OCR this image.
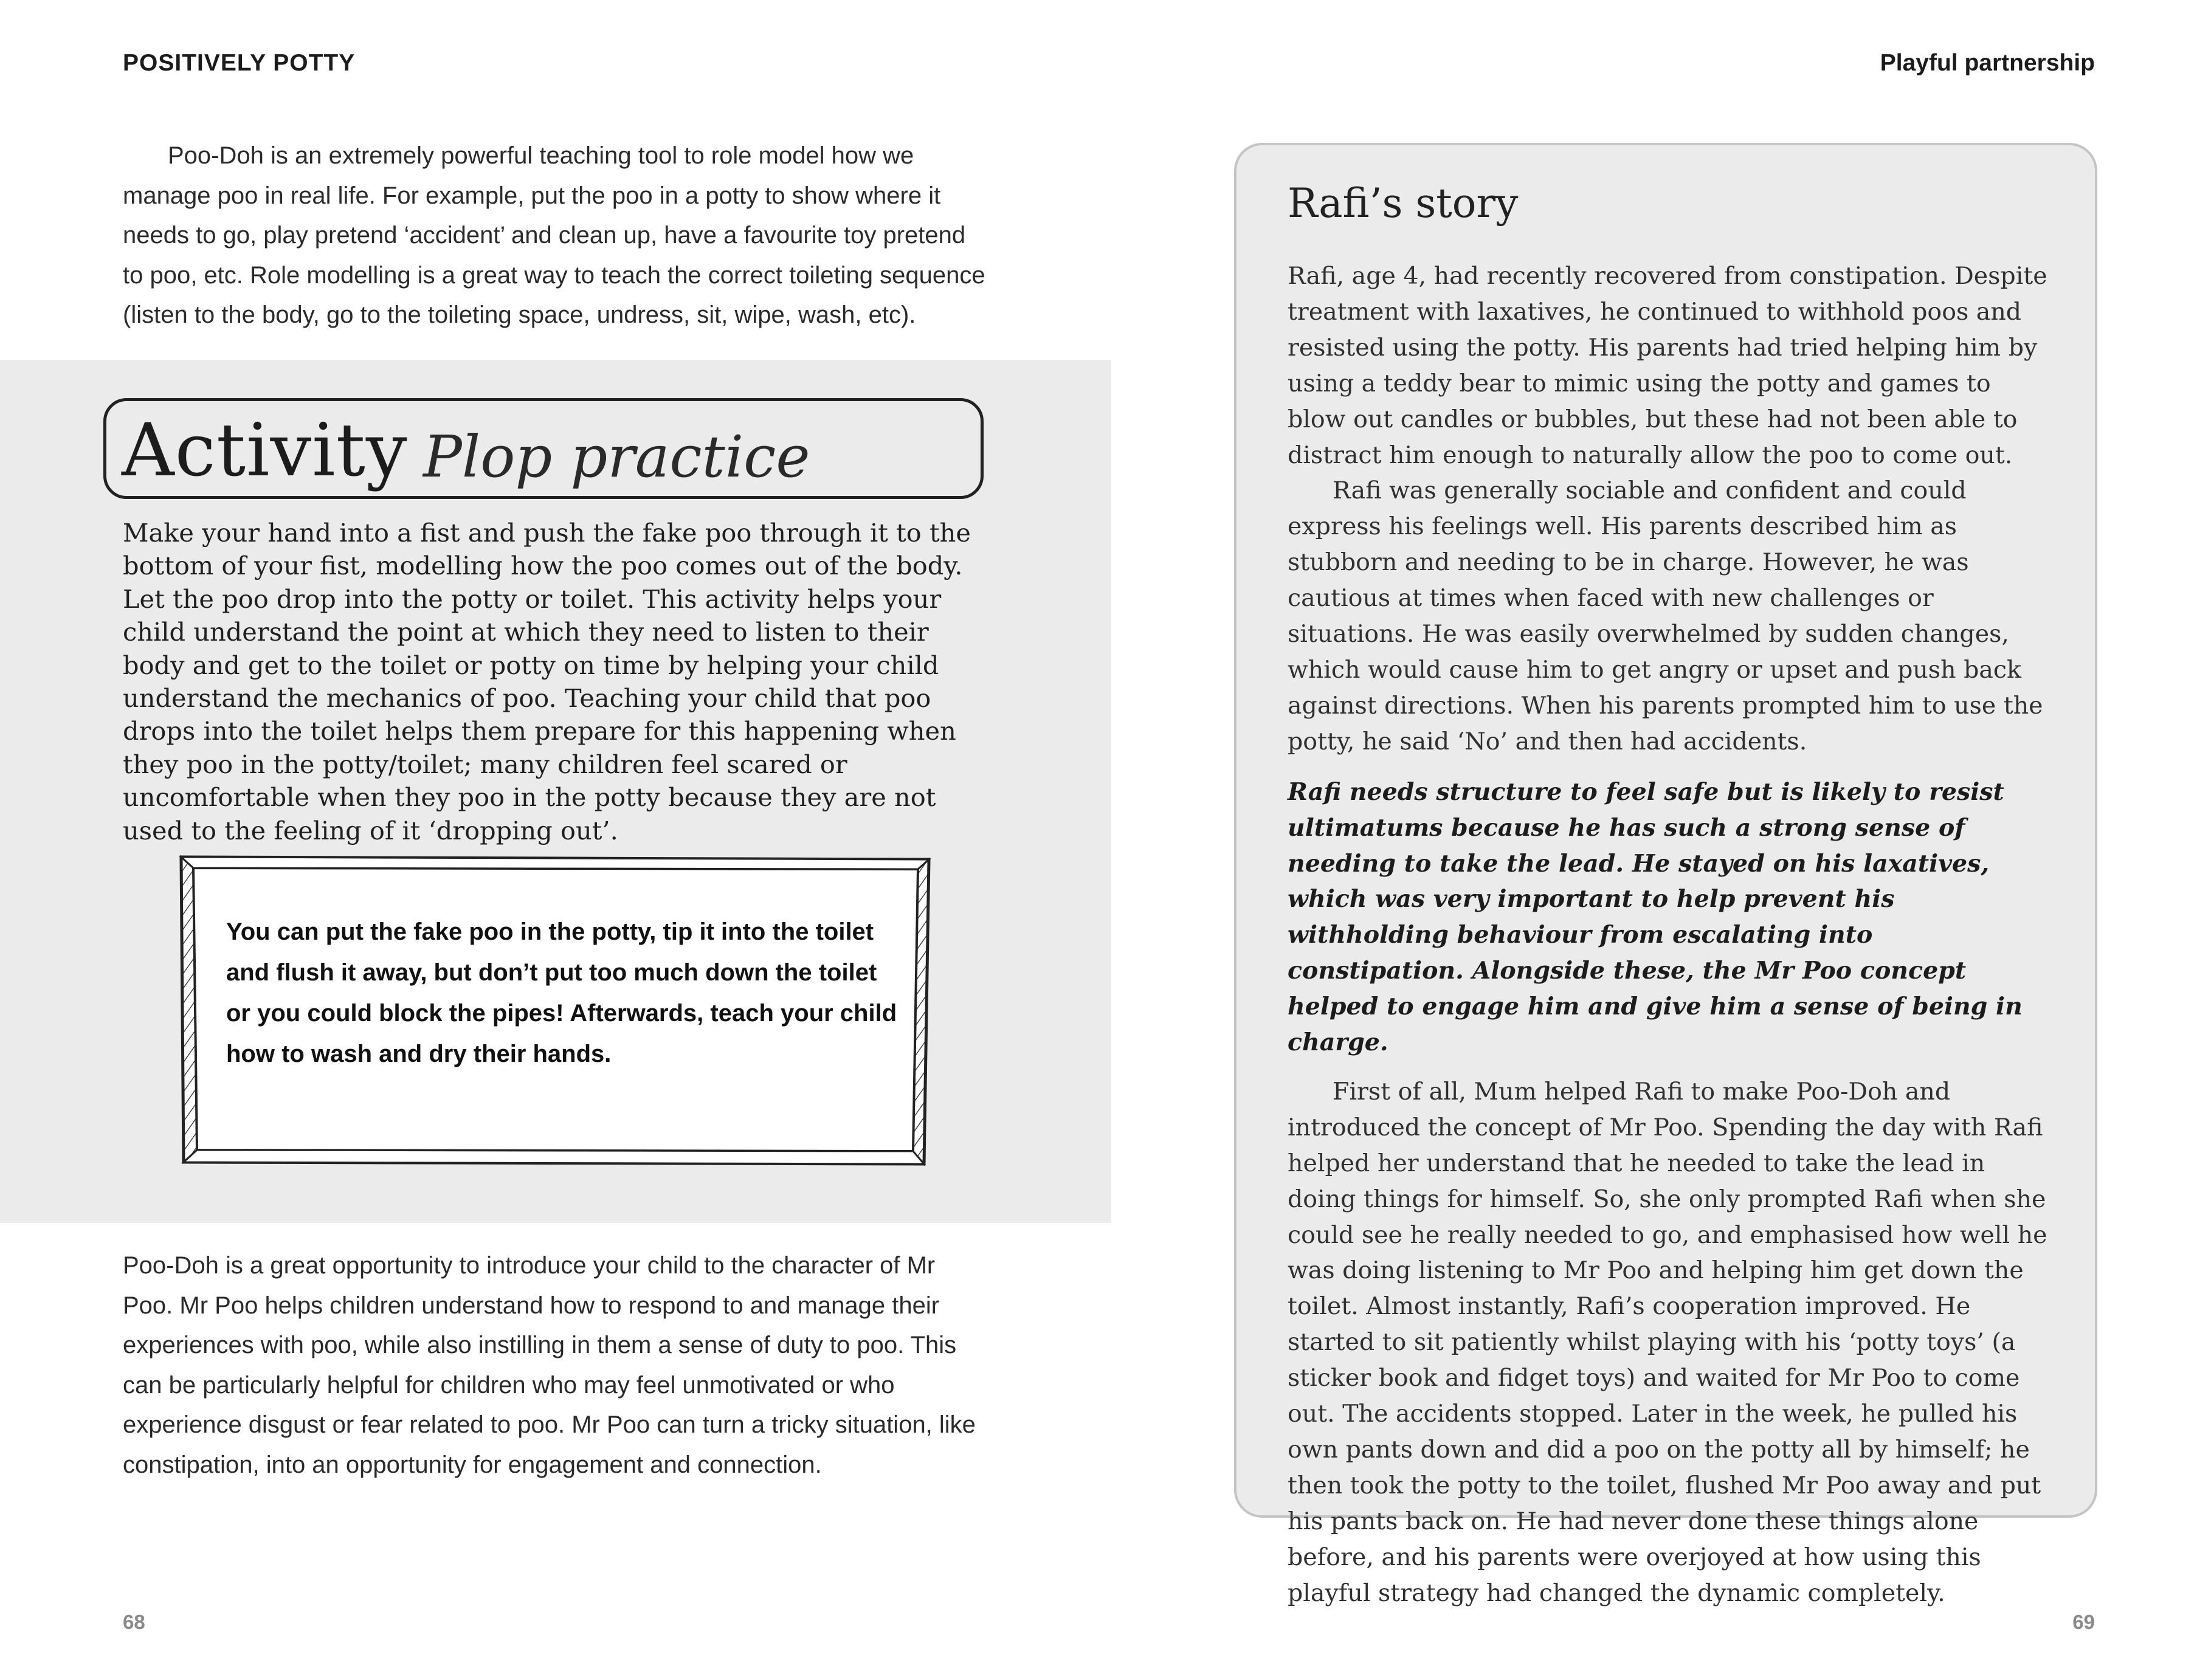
POSITIVELY POTTY	Playful partnership

Poo-Doh is an extremely powerful teaching tool to role model how we manage poo in real life. For example, put the poo in a potty to show where it needs to go, play pretend ‘accident’ and clean up, have a favourite toy pretend to poo, etc. Role modelling is a great way to teach the correct toileting sequence (listen to the body, go to the toileting space, undress, sit, wipe, wash, etc).

Activity Plop practice

Make your hand into a fist and push the fake poo through it to the bottom of your fist, modelling how the poo comes out of the body. Let the poo drop into the potty or toilet. This activity helps your child understand the point at which they need to listen to their body and get to the toilet or potty on time by helping your child understand the mechanics of poo. Teaching your child that poo drops into the toilet helps them prepare for this happening when they poo in the potty/toilet; many children feel scared or uncomfortable when they poo in the potty because they are not used to the feeling of it ‘dropping out’.

You can put the fake poo in the potty, tip it into the toilet and flush it away, but don’t put too much down the toilet or you could block the pipes! Afterwards, teach your child how to wash and dry their hands.

Poo-Doh is a great opportunity to introduce your child to the character of Mr Poo. Mr Poo helps children understand how to respond to and manage their experiences with poo, while also instilling in them a sense of duty to poo. This can be particularly helpful for children who may feel unmotivated or who experience disgust or fear related to poo. Mr Poo can turn a tricky situation, like constipation, into an opportunity for engagement and connection.

68	69
Rafi’s story

Rafi, age 4, had recently recovered from constipation. Despite treatment with laxatives, he continued to withhold poos and resisted using the potty. His parents had tried helping him by using a teddy bear to mimic using the potty and games to blow out candles or bubbles, but these had not been able to distract him enough to naturally allow the poo to come out.

Rafi was generally sociable and confident and could express his feelings well. His parents described him as stubborn and needing to be in charge. However, he was cautious at times when faced with new challenges or situations. He was easily overwhelmed by sudden changes, which would cause him to get angry or upset and push back against directions. When his parents prompted him to use the potty, he said ‘No’ and then had accidents.

Rafi needs structure to feel safe but is likely to resist ultimatums because he has such a strong sense of needing to take the lead. He stayed on his laxatives, which was very important to help prevent his withholding behaviour from escalating into constipation. Alongside these, the Mr Poo concept helped to engage him and give him a sense of being in charge.

First of all, Mum helped Rafi to make Poo-Doh and introduced the concept of Mr Poo. Spending the day with Rafi helped her understand that he needed to take the lead in doing things for himself. So, she only prompted Rafi when she could see he really needed to go, and emphasised how well he was doing listening to Mr Poo and helping him get down the toilet. Almost instantly, Rafi’s cooperation improved. He started to sit patiently whilst playing with his ‘potty toys’ (a sticker book and fidget toys) and waited for Mr Poo to come out. The accidents stopped. Later in the week, he pulled his own pants down and did a poo on the potty all by himself; he then took the potty to the toilet, flushed Mr Poo away and put his pants back on. He had never done these things alone before, and his parents were overjoyed at how using this playful strategy had changed the dynamic completely.
